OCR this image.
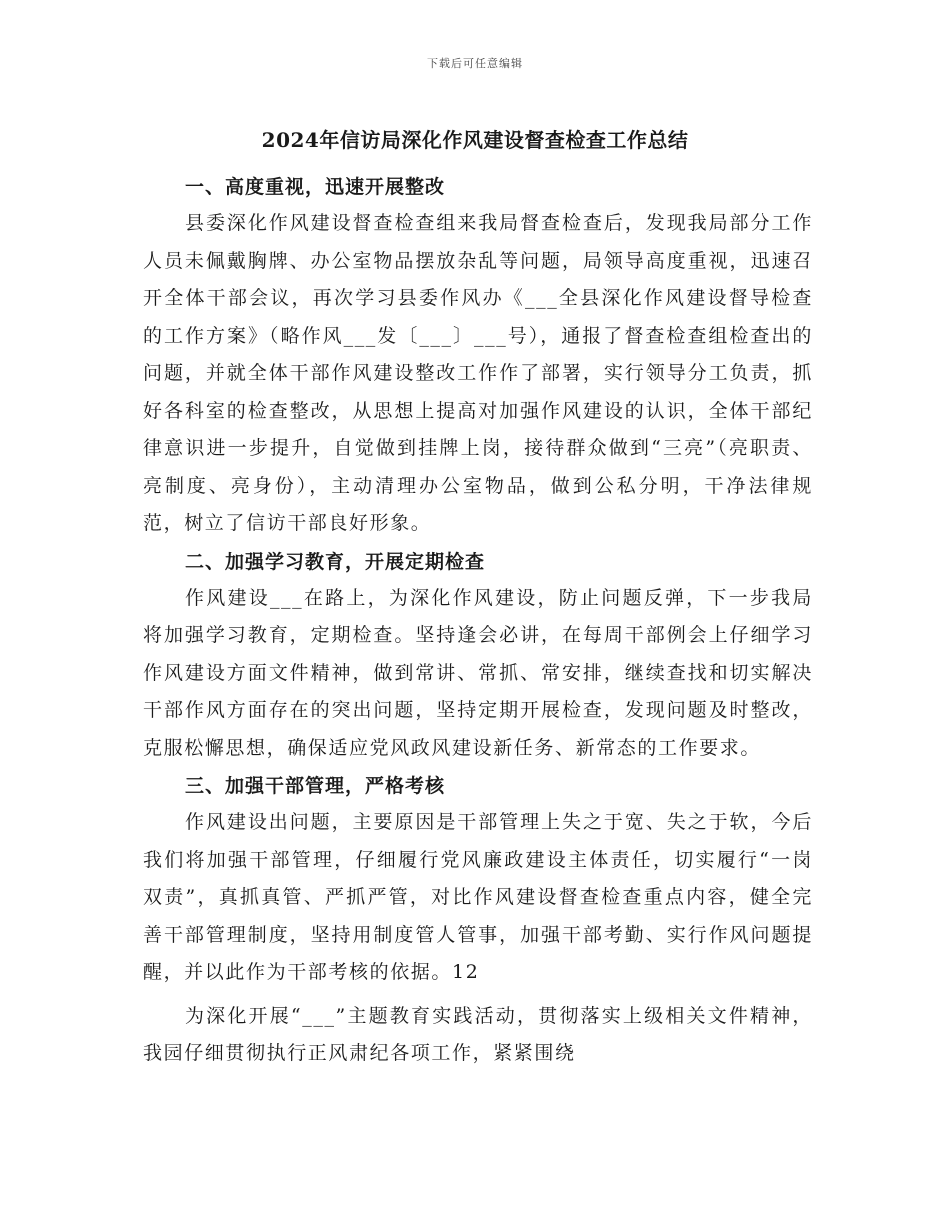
下载后可任意编辑
2024年信访局深化作风建设督查检查工作总结

一、高度重视，迅速开展整改

县委深化作风建设督查检查组来我局督查检查后，发现我局部分工作人员未佩戴胸牌、办公室物品摆放杂乱等问题，局领导高度重视，迅速召开全体干部会议，再次学习县委作风办《___全县深化作风建设督导检查的工作方案》（略作风___发〔___〕___号），通报了督查检查组检查出的问题，并就全体干部作风建设整改工作作了部署，实行领导分工负责，抓好各科室的检查整改，从思想上提高对加强作风建设的认识，全体干部纪律意识进一步提升，自觉做到挂牌上岗，接待群众做到“三亮”（亮职责、亮制度、亮身份），主动清理办公室物品，做到公私分明，干净法律规范，树立了信访干部良好形象。

二、加强学习教育，开展定期检查

作风建设___在路上，为深化作风建设，防止问题反弹，下一步我局将加强学习教育，定期检查。坚持逢会必讲，在每周干部例会上仔细学习作风建设方面文件精神，做到常讲、常抓、常安排，继续查找和切实解决干部作风方面存在的突出问题，坚持定期开展检查，发现问题及时整改，克服松懈思想，确保适应党风政风建设新任务、新常态的工作要求。

三、加强干部管理，严格考核

作风建设出问题，主要原因是干部管理上失之于宽、失之于软，今后我们将加强干部管理，仔细履行党风廉政建设主体责任，切实履行“一岗双责”，真抓真管、严抓严管，对比作风建设督查检查重点内容，健全完善干部管理制度，坚持用制度管人管事，加强干部考勤、实行作风问题提醒，并以此作为干部考核的依据。12

为深化开展“___”主题教育实践活动，贯彻落实上级相关文件精神，我园仔细贯彻执行正风肃纪各项工作，紧紧围绕
